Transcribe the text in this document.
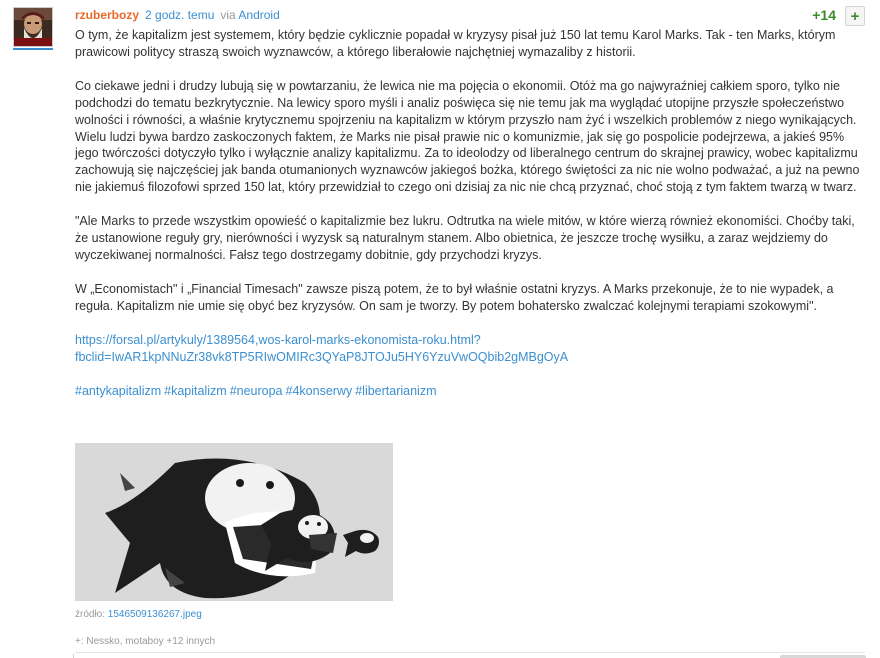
rzuberbozy 2 godz. temu via Android	+14 +

O tym, że kapitalizm jest systemem, który będzie cyklicznie popadał w kryzysy pisał już 150 lat temu Karol Marks. Tak - ten Marks, którym prawicowi politycy straszą swoich wyznawców, a którego liberałowie najchętniej wymazaliby z historii.

Co ciekawe jedni i drudzy lubują się w powtarzaniu, że lewica nie ma pojęcia o ekonomii. Otóż ma go najwyraźniej całkiem sporo, tylko nie podchodzi do tematu bezkrytycznie. Na lewicy sporo myśli i analiz poświęca się nie temu jak ma wyglądać utopijne przyszłe społeczeństwo wolności i równości, a właśnie krytycznemu spojrzeniu na kapitalizm w którym przyszło nam żyć i wszelkich problemów z niego wynikających. Wielu ludzi bywa bardzo zaskoczonych faktem, że Marks nie pisał prawie nic o komunizmie, jak się go pospolicie podejrzewa, a jakieś 95% jego twórczości dotyczyło tylko i wyłącznie analizy kapitalizmu. Za to ideolodzy od liberalnego centrum do skrajnej prawicy, wobec kapitalizmu zachowują się najczęściej jak banda otumanionych wyznawców jakiegoś bożka, którego świętości za nic nie wolno podważać, a już na pewno nie jakiemuś filozofowi sprzed 150 lat, który przewidział to czego oni dzisiaj za nic nie chcą przyznać, choć stoją z tym faktem twarzą w twarz.

"Ale Marks to przede wszystkim opowieść o kapitalizmie bez lukru. Odtrutka na wiele mitów, w które wierzą również ekonomiści. Choćby taki, że ustanowione reguły gry, nierówności i wyzysk są naturalnym stanem. Albo obietnica, że jeszcze trochę wysiłku, a zaraz wejdziemy do wyczekiwanej normalności. Fałsz tego dostrzegamy dobitnie, gdy przychodzi kryzys.

W „Economistach" i „Financial Timesach" zawsze piszą potem, że to był właśnie ostatni kryzys. A Marks przekonuje, że to nie wypadek, a reguła. Kapitalizm nie umie się obyć bez kryzysów. On sam je tworzy. By potem bohatersko zwalczać kolejnymi terapiami szokowymi".

https://forsal.pl/artykuly/1389564,wos-karol-marks-ekonomista-roku.html?
fbclid=IwAR1kpNNuZr38vk8TP5RIwOMIRc3QYaP8JTOJu5HY6YzuVwOQbib2gMBgOyA

#antykapitalizm #kapitalizm #neuropa #4konserwy #libertarianizm

źródło: 1546509136267.jpeg
+: Nessko, motaboy +12 innych
